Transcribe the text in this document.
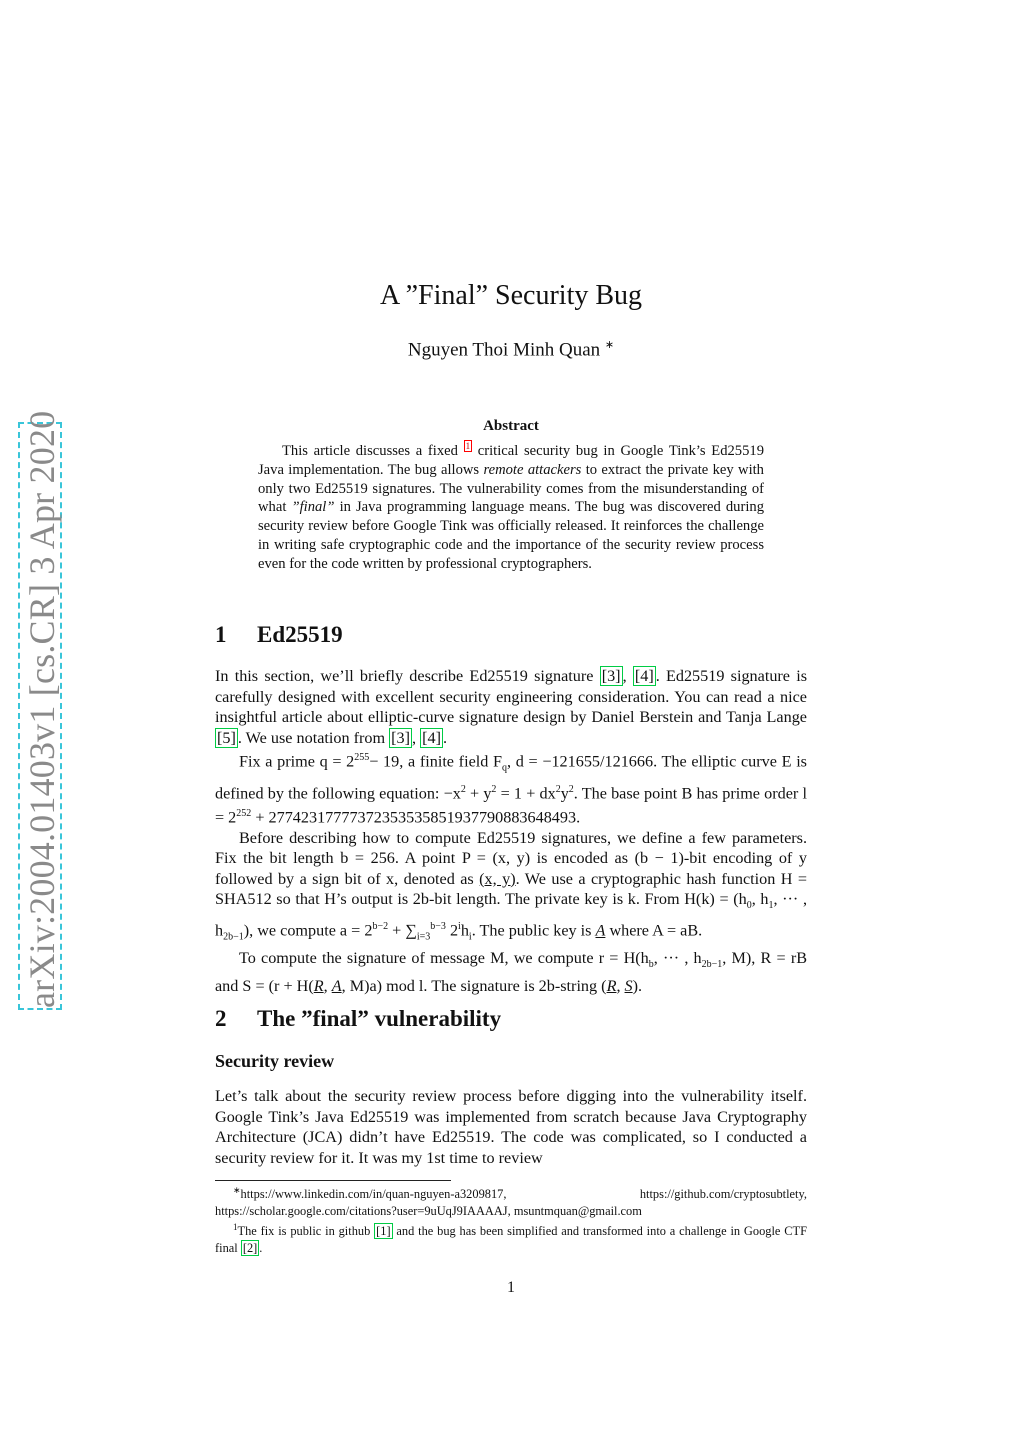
arXiv:2004.01403v1 [cs.CR] 3 Apr 2020
A ”Final” Security Bug
Nguyen Thoi Minh Quan ∗
Abstract
This article discusses a fixed $^1$ critical security bug in Google Tink’s Ed25519 Java implementation. The bug allows remote attackers to extract the private key with only two Ed25519 signatures. The vulnerability comes from the misunderstanding of what ”final” in Java programming language means. The bug was discovered during security review before Google Tink was officially released. It reinforces the challenge in writing safe cryptographic code and the importance of the security review process even for the code written by professional cryptographers.
1 Ed25519

In this section, we’ll briefly describe Ed25519 signature [3] , [4] . Ed25519 signature is carefully designed with excellent security engineering consideration. You can read a nice insightful article about elliptic-curve signature design by Daniel Berstein and Tanja Lange [5] . We use notation from [3] , [4] .

Fix a prime $q = 2^{255}- 19$, a finite field $F_q$, d = −121655/121666. The elliptic curve E is defined by the following equation: $-x^2 + y^2 = 1 + dx^2y^2$. The base point B has prime order $l = 2^{252} + 27742317777372353535851937790883648493$.

Before describing how to compute Ed25519 signatures, we define a few parameters. Fix the bit length b = 256. A point P = (x, y) is encoded as (b − 1)-bit encoding of y followed by a sign bit of x, denoted as (x, y). We use a cryptographic hash function H = SHA512 so that H’s output is 2b-bit length. The private key is k. From $H(k) = (h_0$, $h_1$, ··· , $h_{2b-1}$), we compute $a = 2^{b-2} + \sum_{i=3}^{b-3}$ $2^ih_i$. The public key is A where A = aB.

To compute the signature of message M, we compute $r = H(h_b$, ··· , $h_{2b-1}$, M), R = rB and S = (r + H(R, A, M)a) mod l. The signature is 2b-string (R, S).

2 The ”final” vulnerability
Security review

Let’s talk about the security review process before digging into the vulnerability itself. Google Tink’s Java Ed25519 was implemented from scratch because Java Cryptography Architecture (JCA) didn’t have Ed25519. The code was complicated, so I conducted a security review for it. It was my 1st time to review

∗https://www.linkedin.com/in/quan-nguyen-a3209817, https://github.com/cryptosubtlety, https://scholar.google.com/citations?user=9uUqJ9IAAAAJ, msuntmquan@gmail.com

$^1$The fix is public in github [1] and the bug has been simplified and transformed into a challenge in Google CTF final [2] .

1
